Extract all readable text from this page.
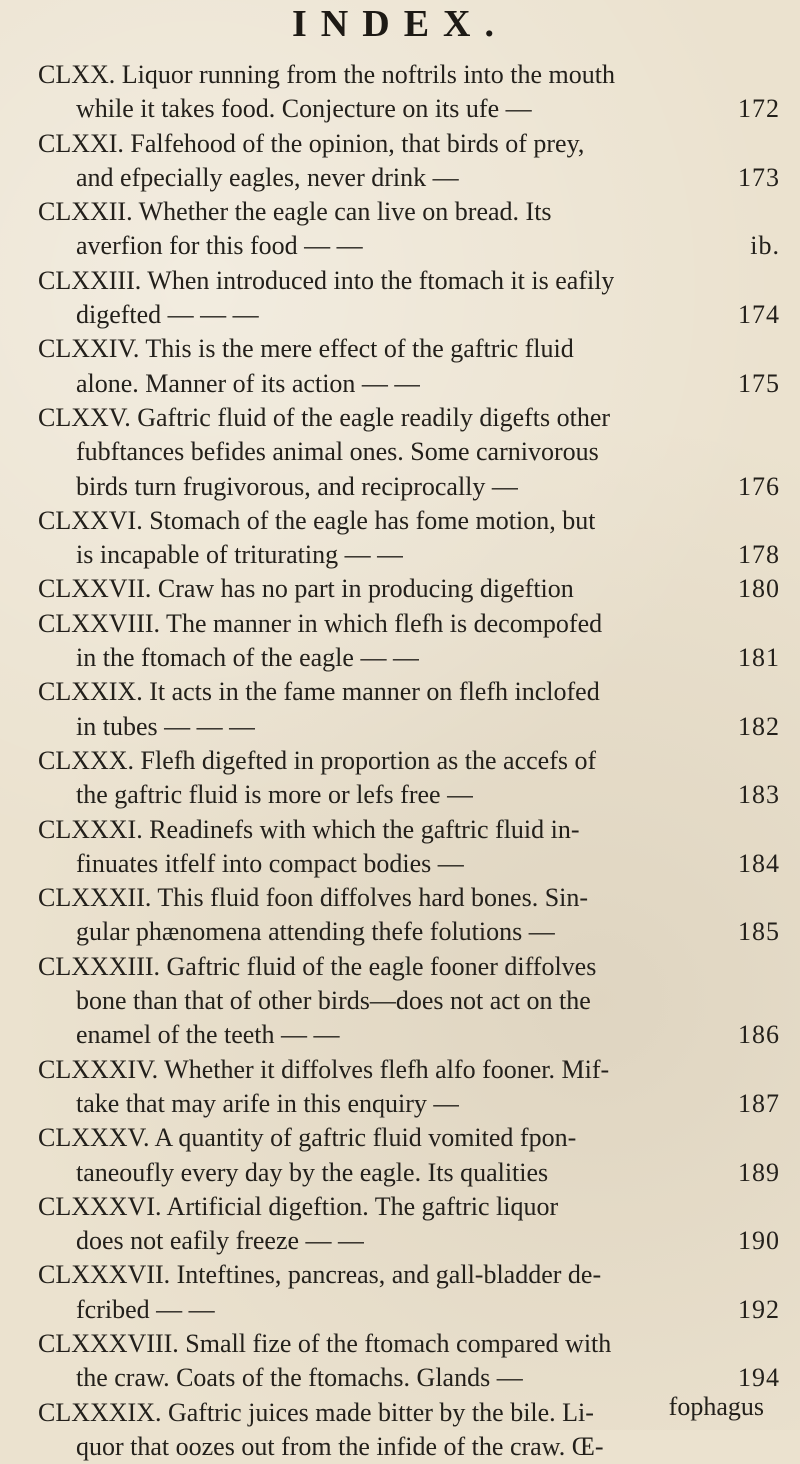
INDEX.
CLXX. Liquor running from the noftrils into the mouth
while it takes food. Conjecture on its ufe —	172
CLXXI. Falfehood of the opinion, that birds of prey,
and efpecially eagles, never drink —	173
CLXXII. Whether the eagle can live on bread. Its
averfion for this food — —	ib.
CLXXIII. When introduced into the ftomach it is eafily
digefted — — —	174
CLXXIV. This is the mere effect of the gaftric fluid
alone. Manner of its action — —	175
CLXXV. Gaftric fluid of the eagle readily digefts other
fubftances befides animal ones. Some carnivorous
birds turn frugivorous, and reciprocally —	176
CLXXVI. Stomach of the eagle has fome motion, but
is incapable of triturating — —	178
CLXXVII. Craw has no part in producing digeftion	180
CLXXVIII. The manner in which flefh is decompofed
in the ftomach of the eagle — —	181
CLXXIX. It acts in the fame manner on flefh inclofed
in tubes — — —	182
CLXXX. Flefh digefted in proportion as the accefs of
the gaftric fluid is more or lefs free —	183
CLXXXI. Readinefs with which the gaftric fluid in-
finuates itfelf into compact bodies —	184
CLXXXII. This fluid foon diffolves hard bones. Sin-
gular phænomena attending thefe folutions —	185
CLXXXIII. Gaftric fluid of the eagle fooner diffolves
bone than that of other birds—does not act on the
enamel of the teeth — —	186
CLXXXIV. Whether it diffolves flefh alfo fooner. Mif-
take that may arife in this enquiry —	187
CLXXXV. A quantity of gaftric fluid vomited fpon-
taneoufly every day by the eagle. Its qualities	189
CLXXXVI. Artificial digeftion. The gaftric liquor
does not eafily freeze — —	190
CLXXXVII. Inteftines, pancreas, and gall-bladder de-
fcribed — —	192
CLXXXVIII. Small fize of the ftomach compared with
the craw. Coats of the ftomachs. Glands —	194
CLXXXIX. Gaftric juices made bitter by the bile. Li-
quor that oozes out from the infide of the craw. Œ-
fophagus
